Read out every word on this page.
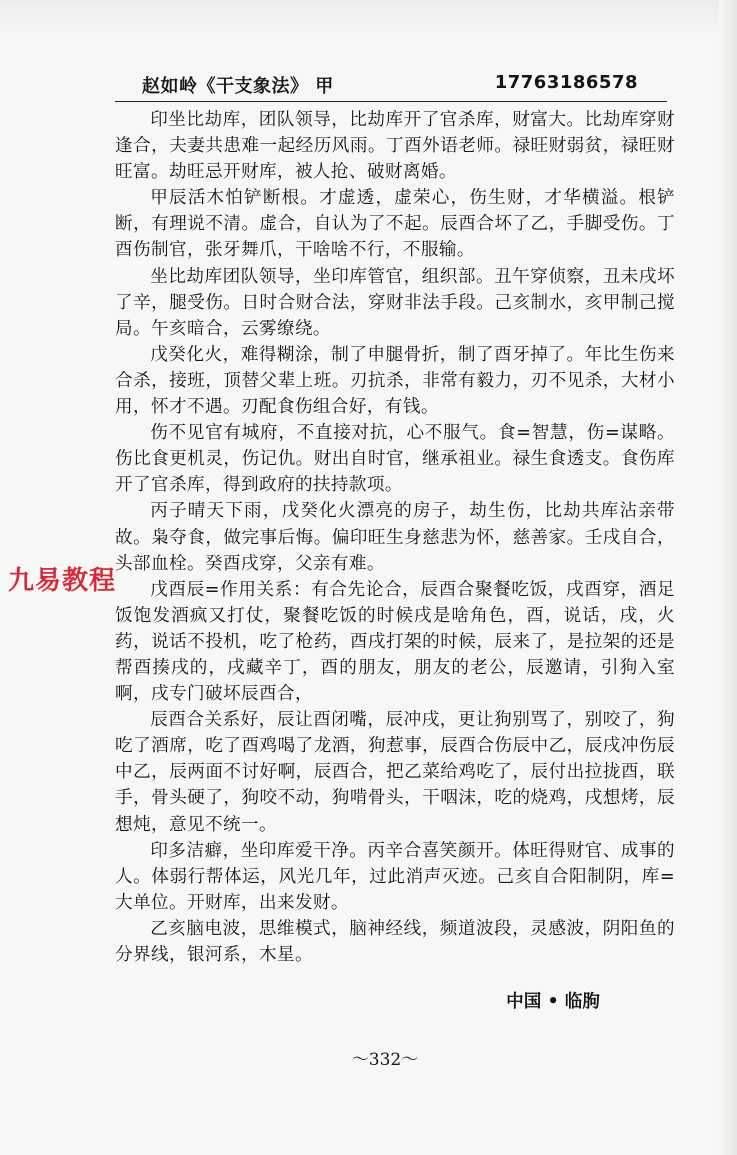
赵如岭《干支象法》 甲	17763186578

印坐比劫库，团队领导，比劫库开了官杀库，财富大。比劫库穿财逢合，夫妻共患难一起经历风雨。丁酉外语老师。禄旺财弱贫，禄旺财旺富。劫旺忌开财库，被人抢、破财离婚。

甲辰活木怕铲断根。才虚透，虚荣心，伤生财，才华横溢。根铲断，有理说不清。虚合，自认为了不起。辰酉合坏了乙，手脚受伤。丁酉伤制官，张牙舞爪，干啥啥不行，不服输。

坐比劫库团队领导，坐印库管官，组织部。丑午穿侦察，丑未戌坏了辛，腿受伤。日时合财合法，穿财非法手段。己亥制水，亥甲制己搅局。午亥暗合，云雾缭绕。

戊癸化火，难得糊涂，制了申腿骨折，制了酉牙掉了。年比生伤来合杀，接班，顶替父辈上班。刃抗杀，非常有毅力，刃不见杀，大材小用，怀才不遇。刃配食伤组合好，有钱。

伤不见官有城府，不直接对抗，心不服气。食=智慧，伤=谋略。伤比食更机灵，伤记仇。财出自时官，继承祖业。禄生食透支。食伤库开了官杀库，得到政府的扶持款项。

丙子晴天下雨，戊癸化火漂亮的房子，劫生伤，比劫共库沾亲带故。枭夺食，做完事后悔。偏印旺生身慈悲为怀，慈善家。壬戌自合，头部血栓。癸酉戌穿，父亲有难。

戊酉辰=作用关系：有合先论合，辰酉合聚餐吃饭，戌酉穿，酒足饭饱发酒疯又打仗，聚餐吃饭的时候戌是啥角色，酉，说话，戌，火药，说话不投机，吃了枪药，酉戌打架的时候，辰来了，是拉架的还是帮酉揍戌的，戌藏辛丁，酉的朋友，朋友的老公，辰邀请，引狗入室啊，戌专门破坏辰酉合，

辰酉合关系好，辰让酉闭嘴，辰冲戌，更让狗别骂了，别咬了，狗吃了酒席，吃了酉鸡喝了龙酒，狗惹事，辰酉合伤辰中乙，辰戌冲伤辰中乙，辰两面不讨好啊，辰酉合，把乙菜给鸡吃了，辰付出拉拢酉，联手，骨头硬了，狗咬不动，狗啃骨头，干咽沫，吃的烧鸡，戌想烤，辰想炖，意见不统一。

印多洁癖，坐印库爱干净。丙辛合喜笑颜开。体旺得财官、成事的人。体弱行帮体运，风光几年，过此消声灭迹。己亥自合阳制阴，库=大单位。开财库，出来发财。

乙亥脑电波，思维模式，脑神经线，频道波段，灵感波，阴阳鱼的分界线，银河系，木星。

九易教程
中国 • 临朐
～332～
